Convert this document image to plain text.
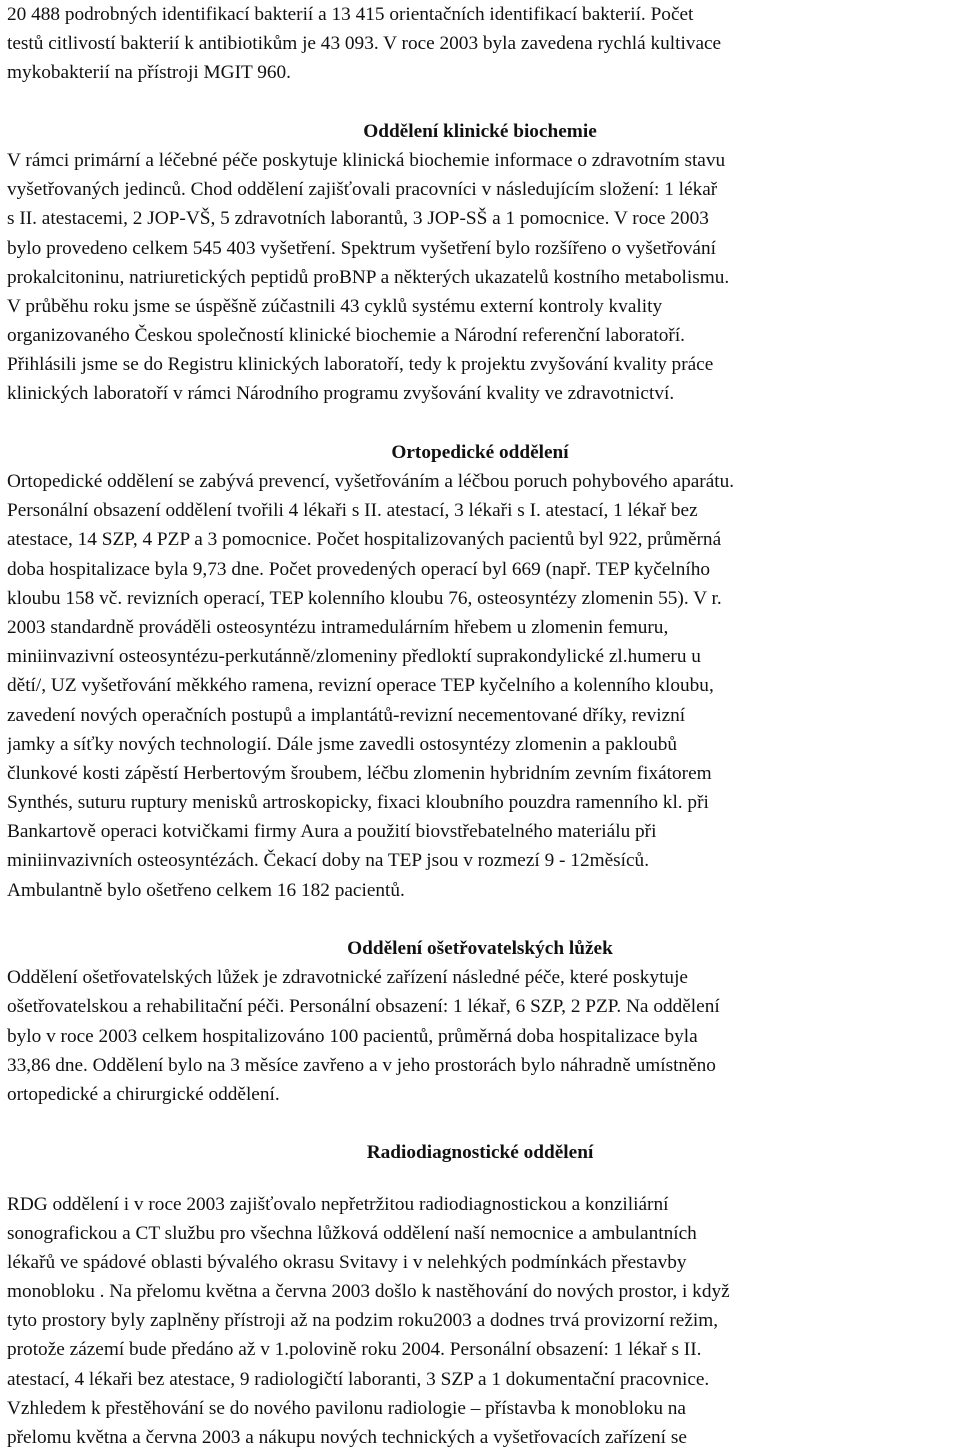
20 488 podrobných identifikací bakterií a 13 415 orientačních identifikací bakterií. Počet
testů citlivostí bakterií k antibiotikům je 43 093. V roce 2003 byla zavedena rychlá kultivace
mykobakterií na přístroji MGIT 960.
Oddělení klinické biochemie
V rámci primární a léčebné péče poskytuje klinická biochemie informace o zdravotním stavu
vyšetřovaných jedinců. Chod oddělení zajišťovali pracovníci v následujícím složení: 1 lékař
s II. atestacemi, 2 JOP-VŠ, 5 zdravotních laborantů, 3 JOP-SŠ a 1 pomocnice. V roce 2003
bylo provedeno celkem 545 403 vyšetření. Spektrum vyšetření bylo rozšířeno o vyšetřování
prokalcitoninu, natriuretických peptidů proBNP a některých ukazatelů kostního metabolismu.
V průběhu roku jsme se úspěšně zúčastnili 43 cyklů systému externí kontroly kvality
organizovaného Českou společností klinické biochemie a Národní referenční laboratoří.
Přihlásili jsme se do Registru klinických laboratoří, tedy k projektu zvyšování kvality práce
klinických laboratoří v rámci Národního programu zvyšování kvality ve zdravotnictví.
Ortopedické oddělení
Ortopedické oddělení se zabývá prevencí, vyšetřováním a léčbou poruch pohybového aparátu.
Personální obsazení oddělení tvořili 4 lékaři s II. atestací, 3 lékaři s I. atestací, 1 lékař bez
atestace, 14 SZP, 4 PZP a 3 pomocnice. Počet hospitalizovaných pacientů byl 922, průměrná
doba hospitalizace byla 9,73 dne. Počet provedených operací byl 669 (např. TEP kyčelního
kloubu 158 vč. revizních operací, TEP kolenního kloubu 76, osteosyntézy zlomenin 55). V r.
2003 standardně prováděli osteosyntézu intramedulárním hřebem u zlomenin femuru,
miniinvazivní osteosyntézu-perkutánně/zlomeniny předloktí suprakondylické zl.humeru u
dětí/, UZ vyšetřování měkkého ramena, revizní operace TEP kyčelního a kolenního kloubu,
zavedení nových operačních postupů a implantátů-revizní necementované dříky, revizní
jamky a síťky nových technologií. Dále jsme zavedli ostosyntézy zlomenin a pakloubů
člunkové kosti zápěstí Herbertovým šroubem, léčbu zlomenin hybridním zevním fixátorem
Synthés, suturu ruptury menisků artroskopicky, fixaci kloubního pouzdra ramenního kl. při
Bankartově operaci kotvičkami firmy Aura a použití biovstřebatelného materiálu při
miniinvazivních osteosyntézách. Čekací doby na TEP jsou v rozmezí 9 - 12měsíců.
Ambulantně bylo ošetřeno celkem 16 182 pacientů.
Oddělení ošetřovatelských lůžek
Oddělení ošetřovatelských lůžek je zdravotnické zařízení následné péče, které poskytuje
ošetřovatelskou a rehabilitační péči. Personální obsazení: 1 lékař, 6 SZP, 2 PZP. Na oddělení
bylo v roce 2003 celkem hospitalizováno 100 pacientů, průměrná doba hospitalizace byla
33,86 dne. Oddělení bylo na 3 měsíce zavřeno a v jeho prostorách bylo náhradně umístněno
ortopedické a chirurgické oddělení.
Radiodiagnostické oddělení
RDG oddělení i v roce 2003 zajišťovalo nepřetržitou radiodiagnostickou a konziliární
sonografickou a CT službu pro všechna lůžková oddělení naší nemocnice a ambulantních
lékařů ve spádové oblasti bývalého okrasu Svitavy i v nelehkých podmínkách přestavby
monobloku . Na přelomu května a června 2003 došlo k nastěhování do nových prostor, i když
tyto prostory byly zaplněny přístroji až na podzim roku2003 a dodnes trvá provizorní režim,
protože zázemí bude předáno až v 1.polovině roku 2004. Personální obsazení: 1 lékař s II.
atestací, 4 lékaři bez atestace, 9 radiologičtí laboranti, 3 SZP a 1 dokumentační pracovnice.
Vzhledem k přestěhování se do nového pavilonu radiologie – přístavba k monobloku na
přelomu května a června 2003 a nákupu nových technických a vyšetřovacích zařízení se
